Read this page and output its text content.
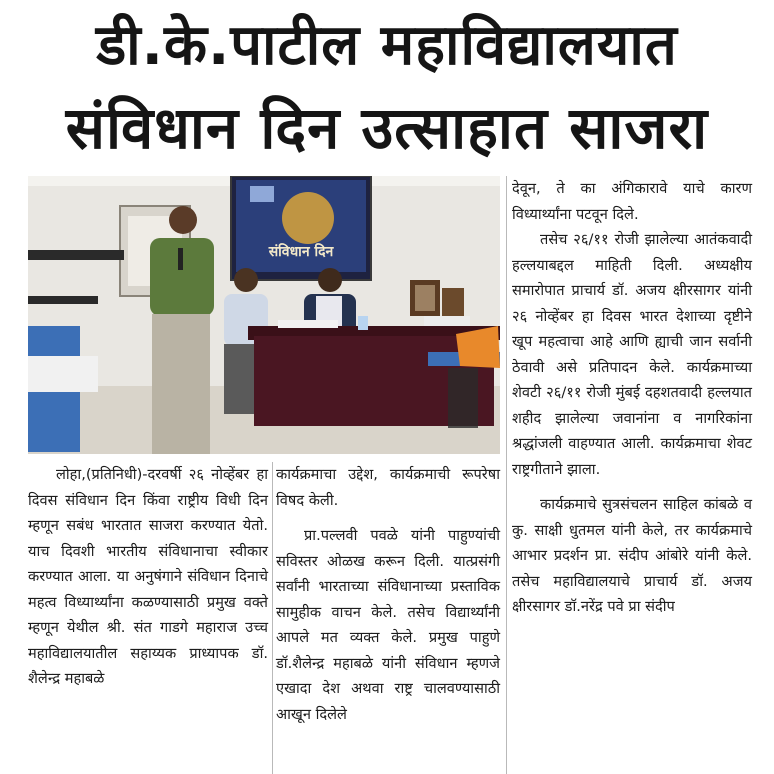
डी.के.पाटील महाविद्यालयात
संविधान दिन उत्साहात साजरा
संविधान दिन

देवून, ते का अंगिकारावे याचे कारण विध्यार्थ्यांना पटवून दिले.

तसेच २६/११ रोजी झालेल्या आतंकवादी हल्लयाबद्दल माहिती दिली. अध्यक्षीय समारोपात प्राचार्य डॉ. अजय क्षीरसागर यांनी २६ नोव्हेंबर हा दिवस भारत देशाच्या दृष्टीने खूप महत्वाचा आहे आणि ह्याची जान सर्वानी ठेवावी असे प्रतिपादन केले. कार्यक्रमाच्या शेवटी २६/११ रोजी मुंबई दहशतवादी हल्लयात शहीद झालेल्या जवानांना व नागरिकांना श्रद्धांजली वाहण्यात आली. कार्यक्रमाचा शेवट राष्ट्रगीताने झाला.

कार्यक्रमाचे सुत्रसंचलन साहिल कांबळे व कु. साक्षी धुतमल यांनी केले, तर कार्यक्रमाचे आभार प्रदर्शन प्रा. संदीप आंबोरे यांनी केले. तसेच महाविद्यालयाचे प्राचार्य डॉ. अजय क्षीरसागर डॉ.नरेंद्र पवे प्रा संदीप

लोहा,(प्रतिनिधी)-दरवर्षी २६ नोव्हेंबर हा दिवस संविधान दिन किंवा राष्ट्रीय विधी दिन म्हणून सबंध भारतात साजरा करण्यात येतो. याच दिवशी भारतीय संविधानाचा स्वीकार करण्यात आला. या अनुषंगाने संविधान दिनाचे महत्व विध्यार्थ्यांना कळण्यासाठी प्रमुख वक्ते म्हणून येथील श्री. संत गाडगे महाराज उच्च महाविद्यालयातील सहाय्यक प्राध्यापक डॉ. शैलेन्द्र महाबळे

कार्यक्रमाचा उद्देश, कार्यक्रमाची रूपरेषा विषद केली.

प्रा.पल्लवी पवळे यांनी पाहुण्यांची सविस्तर ओळख करून दिली. यात्प्रसंगी सर्वांनी भारताच्या संविधानाच्या प्रस्ताविक सामुहीक वाचन केले. तसेच विद्यार्थ्यांनी आपले मत व्यक्त केले. प्रमुख पाहुणे डॉ.शैलेन्द्र महाबळे यांनी संविधान म्हणजे एखादा देश अथवा राष्ट्र चालवण्यासाठी आखून दिलेले
